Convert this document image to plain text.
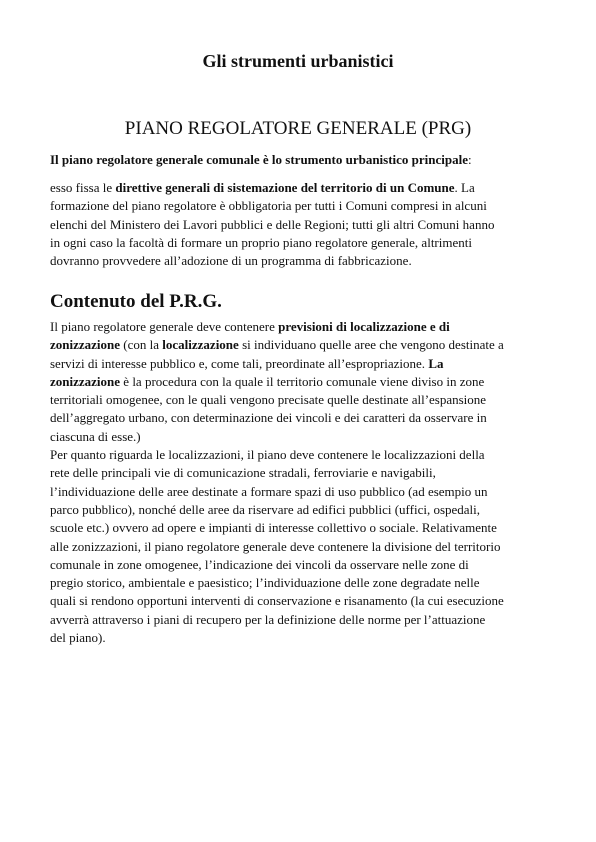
Gli strumenti urbanistici
PIANO REGOLATORE GENERALE (PRG)
Il piano regolatore generale comunale è lo strumento urbanistico principale:
esso fissa le direttive generali di sistemazione del territorio di un Comune. La
formazione del piano regolatore è obbligatoria per tutti i Comuni compresi in alcuni
elenchi del Ministero dei Lavori pubblici e delle Regioni; tutti gli altri Comuni hanno
in ogni caso la facoltà di formare un proprio piano regolatore generale, altrimenti
dovranno provvedere all’adozione di un programma di fabbricazione.
Contenuto del P.R.G.
Il piano regolatore generale deve contenere previsioni di localizzazione e di
zonizzazione (con la localizzazione si individuano quelle aree che vengono destinate a
servizi di interesse pubblico e, come tali, preordinate all’espropriazione. La
zonizzazione è la procedura con la quale il territorio comunale viene diviso in zone
territoriali omogenee, con le quali vengono precisate quelle destinate all’espansione
dell’aggregato urbano, con determinazione dei vincoli e dei caratteri da osservare in
ciascuna di esse.)
Per quanto riguarda le localizzazioni, il piano deve contenere le localizzazioni della
rete delle principali vie di comunicazione stradali, ferroviarie e navigabili,
l’individuazione delle aree destinate a formare spazi di uso pubblico (ad esempio un
parco pubblico), nonché delle aree da riservare ad edifici pubblici (uffici, ospedali,
scuole etc.) ovvero ad opere e impianti di interesse collettivo o sociale. Relativamente
alle zonizzazioni, il piano regolatore generale deve contenere la divisione del territorio
comunale in zone omogenee, l’indicazione dei vincoli da osservare nelle zone di
pregio storico, ambientale e paesistico; l’individuazione delle zone degradate nelle
quali si rendono opportuni interventi di conservazione e risanamento (la cui esecuzione
avverrà attraverso i piani di recupero per la definizione delle norme per l’attuazione
del piano).
